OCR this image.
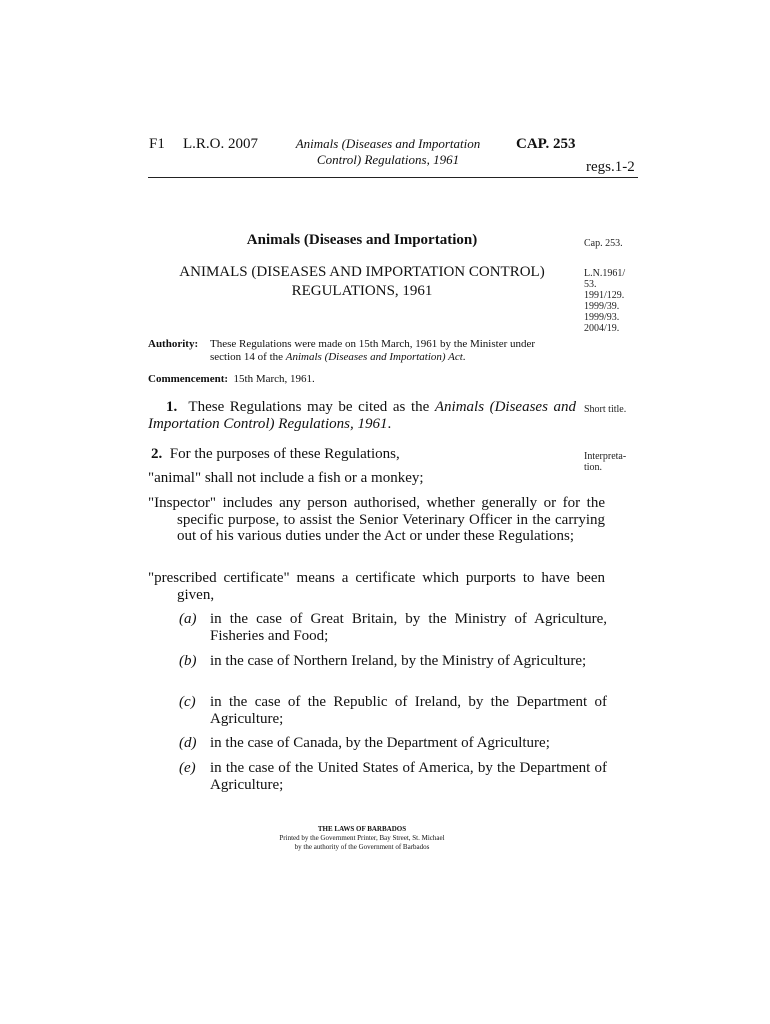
F1 L.R.O. 2007	Animals (Diseases and Importation
Control) Regulations, 1961
CAP. 253
regs.1-2
Animals (Diseases and Importation)
ANIMALS (DISEASES AND IMPORTATION CONTROL)
REGULATIONS, 1961
Authority: These Regulations were made on 15th March, 1961 by the Minister under
section 14 of the Animals (Diseases and Importation) Act.
Commencement: 15th March, 1961.
1. These Regulations may be cited as the Animals (Diseases and Importation Control) Regulations, 1961.
2. For the purposes of these Regulations,
"animal" shall not include a fish or a monkey;
"Inspector" includes any person authorised, whether generally or for the specific purpose, to assist the Senior Veterinary Officer in the carrying out of his various duties under the Act or under these Regulations;
"prescribed certificate" means a certificate which purports to have been given,
(a) in the case of Great Britain, by the Ministry of Agriculture, Fisheries and Food;
(b) in the case of Northern Ireland, by the Ministry of Agriculture;
(c) in the case of the Republic of Ireland, by the Department of Agriculture;
(d) in the case of Canada, by the Department of Agriculture;
(e) in the case of the United States of America, by the Department of Agriculture;
Cap. 253.
L.N.1961/
53.
1991/129.
1999/39.
1999/93.
2004/19.
Short title.
Interpreta-
tion.
THE LAWS OF BARBADOS
Printed by the Government Printer, Bay Street, St. Michael
by the authority of the Government of Barbados
